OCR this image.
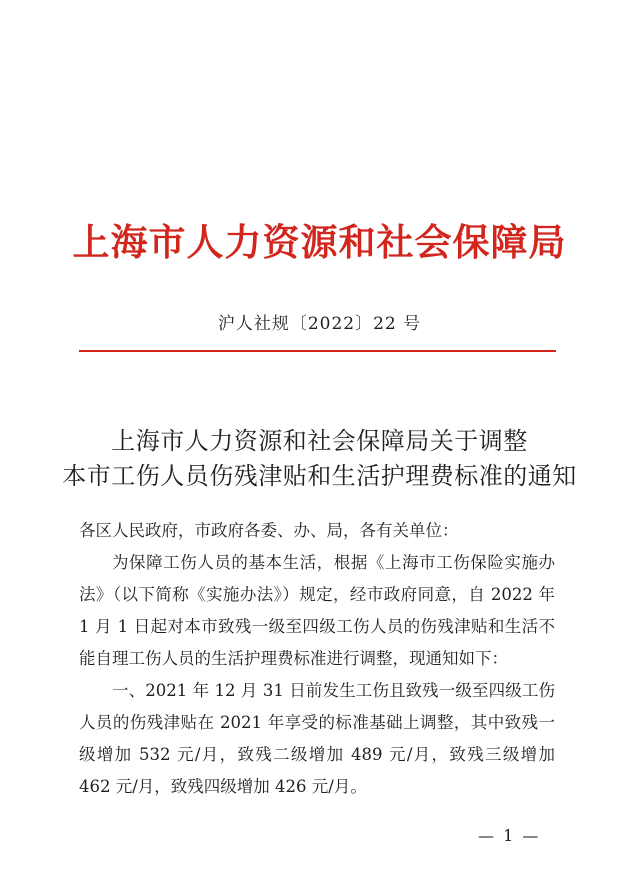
上海市人力资源和社会保障局
沪人社规〔2022〕22 号
上海市人力资源和社会保障局关于调整
本市工伤人员伤残津贴和生活护理费标准的通知

各区人民政府，市政府各委、办、局，各有关单位：

为保障工伤人员的基本生活，根据《上海市工伤保险实施办法》（以下简称《实施办法》）规定，经市政府同意，自 2022 年 1 月 1 日起对本市致残一级至四级工伤人员的伤残津贴和生活不能自理工伤人员的生活护理费标准进行调整，现通知如下：

一、2021 年 12 月 31 日前发生工伤且致残一级至四级工伤人员的伤残津贴在 2021 年享受的标准基础上调整，其中致残一级增加 532 元/月，致残二级增加 489 元/月，致残三级增加 462 元/月，致残四级增加 426 元/月。

— 1 —
